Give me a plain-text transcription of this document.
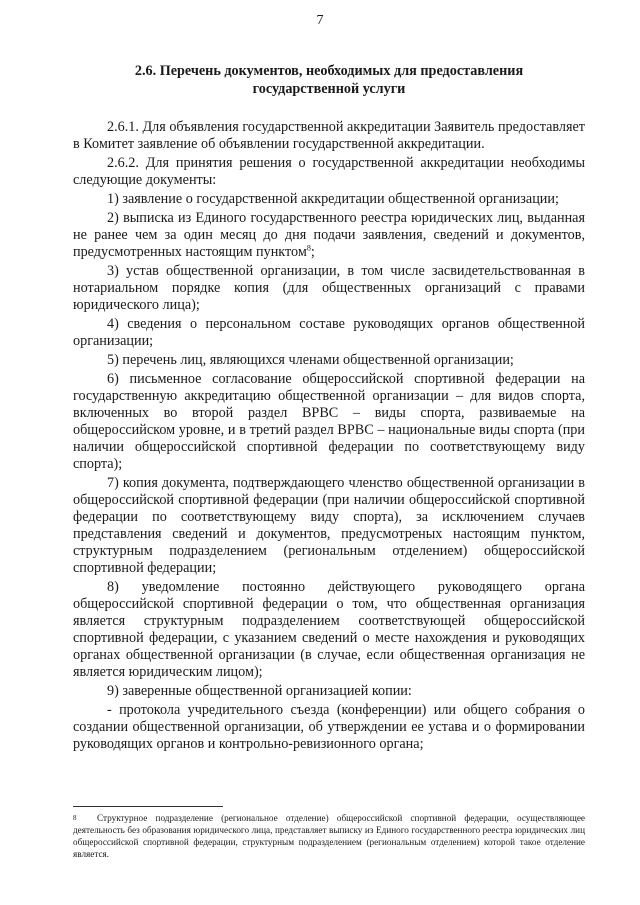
7
2.6. Перечень документов, необходимых для предоставления
государственной услуги

2.6.1. Для объявления государственной аккредитации Заявитель предоставляет в Комитет заявление об объявлении государственной аккредитации.

2.6.2. Для принятия решения о государственной аккредитации необходимы следующие документы:

1) заявление о государственной аккредитации общественной организации;

2) выписка из Единого государственного реестра юридических лиц, выданная не ранее чем за один месяц до дня подачи заявления, сведений и документов, предусмотренных настоящим пунктом$^8$;

3) устав общественной организации, в том числе засвидетельствованная в нотариальном порядке копия (для общественных организаций с правами юридического лица);

4) сведения о персональном составе руководящих органов общественной организации;

5) перечень лиц, являющихся членами общественной организации;

6) письменное согласование общероссийской спортивной федерации на государственную аккредитацию общественной организации – для видов спорта, включенных во второй раздел ВРВС – виды спорта, развиваемые на общероссийском уровне, и в третий раздел ВРВС – национальные виды спорта (при наличии общероссийской спортивной федерации по соответствующему виду спорта);

7) копия документа, подтверждающего членство общественной организации в общероссийской спортивной федерации (при наличии общероссийской спортивной федерации по соответствующему виду спорта), за исключением случаев представления сведений и документов, предусмотреных настоящим пунктом, структурным подразделением (региональным отделением) общероссийской спортивной федерации;

8) уведомление постоянно действующего руководящего органа общероссийской спортивной федерации о том, что общественная организация является структурным подразделением соответствующей общероссийской спортивной федерации, с указанием сведений о месте нахождения и руководящих органах общественной организации (в случае, если общественная организация не является юридическим лицом);

9) заверенные общественной организацией копии:

- протокола учредительного съезда (конференции) или общего собрания о создании общественной организации, об утверждении ее устава и о формировании руководящих органов и контрольно-ревизионного органа;

8 Структурное подразделение (региональное отделение) общероссийской спортивной федерации, осуществляющее деятельность без образования юридического лица, представляет выписку из Единого государственного реестра юридических лиц общероссийской спортивной федерации, структурным подразделением (региональным отделением) которой такое отделение является.
